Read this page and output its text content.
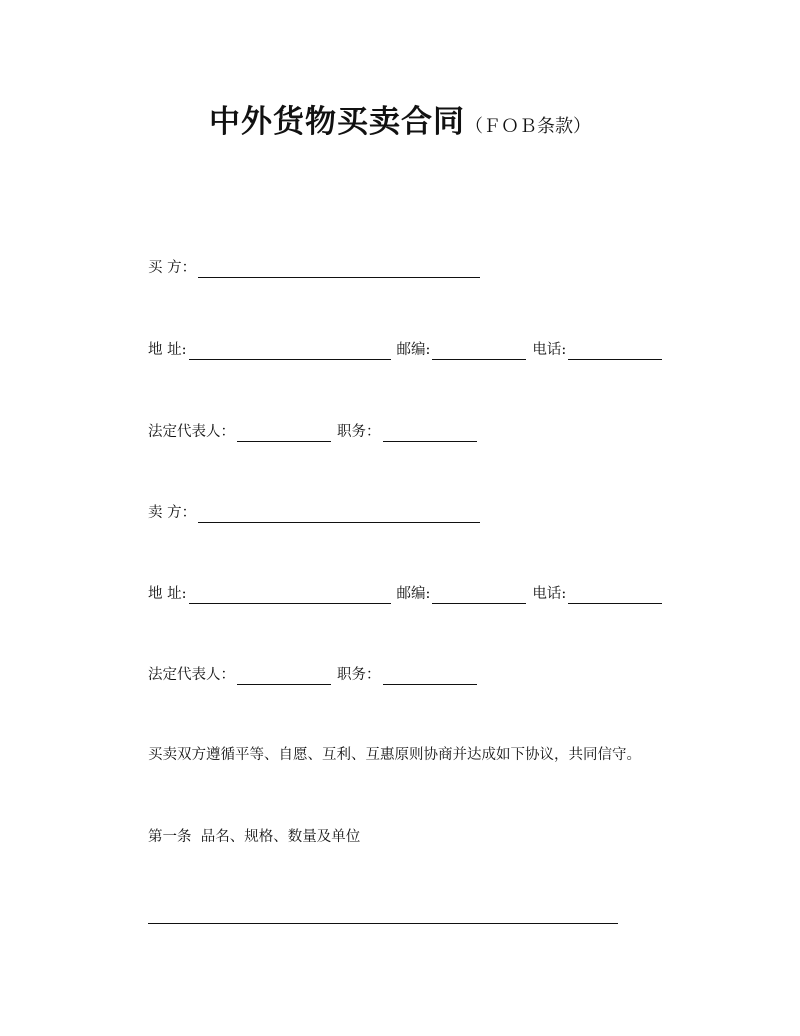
中外货物买卖合同（ＦＯＢ条款）
买 方：
地 址:	邮编:	电话:
法定代表人：	职务：
卖 方：
地 址:	邮编:	电话:
法定代表人：	职务：
买卖双方遵循平等、自愿、互利、互惠原则协商并达成如下协议，共同信守。
第一条  品名、规格、数量及单位
